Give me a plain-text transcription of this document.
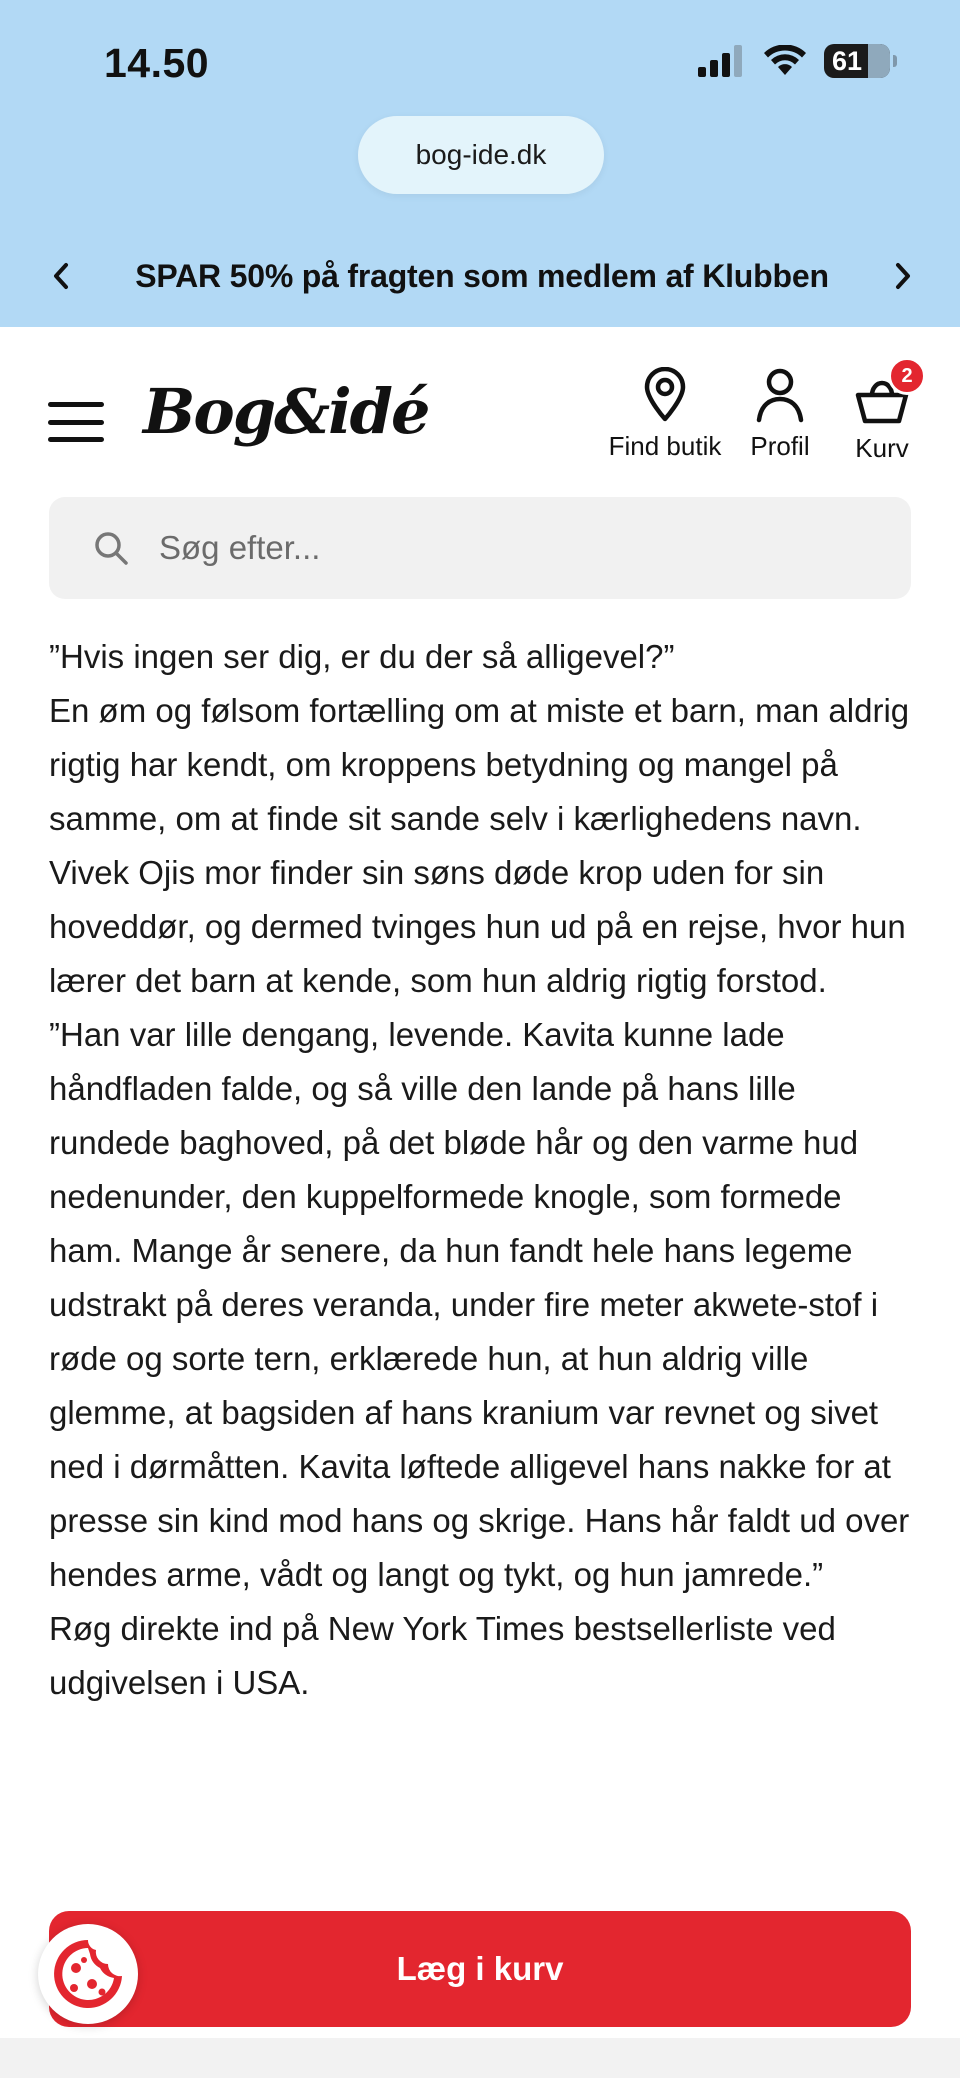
14.50	61
bog-ide.dk
SPAR 50% på fragten som medlem af Klubben
Bog&idé	Find butik Profil
2
Kurv
Søg efter...

”Hvis ingen ser dig, er du der så alligevel?”

En øm og følsom fortælling om at miste et barn, man aldrig rigtig har kendt, om kroppens betydning og mangel på samme, om at finde sit sande selv i kærlighedens navn.

Vivek Ojis mor finder sin søns døde krop uden for sin hoveddør, og dermed tvinges hun ud på en rejse, hvor hun lærer det barn at kende, som hun aldrig rigtig forstod.

”Han var lille dengang, levende. Kavita kunne lade håndfladen falde, og så ville den lande på hans lille rundede baghoved, på det bløde hår og den varme hud nedenunder, den kuppelformede knogle, som formede ham. Mange år senere, da hun fandt hele hans legeme udstrakt på deres veranda, under fire meter akwete-stof i røde og sorte tern, erklærede hun, at hun aldrig ville glemme, at bagsiden af hans kranium var revnet og sivet ned i dørmåtten. Kavita løftede alligevel hans nakke for at presse sin kind mod hans og skrige. Hans hår faldt ud over hendes arme, vådt og langt og tykt, og hun jamrede.”

Røg direkte ind på New York Times bestsellerliste ved udgivelsen i USA.

Læg i kurv
